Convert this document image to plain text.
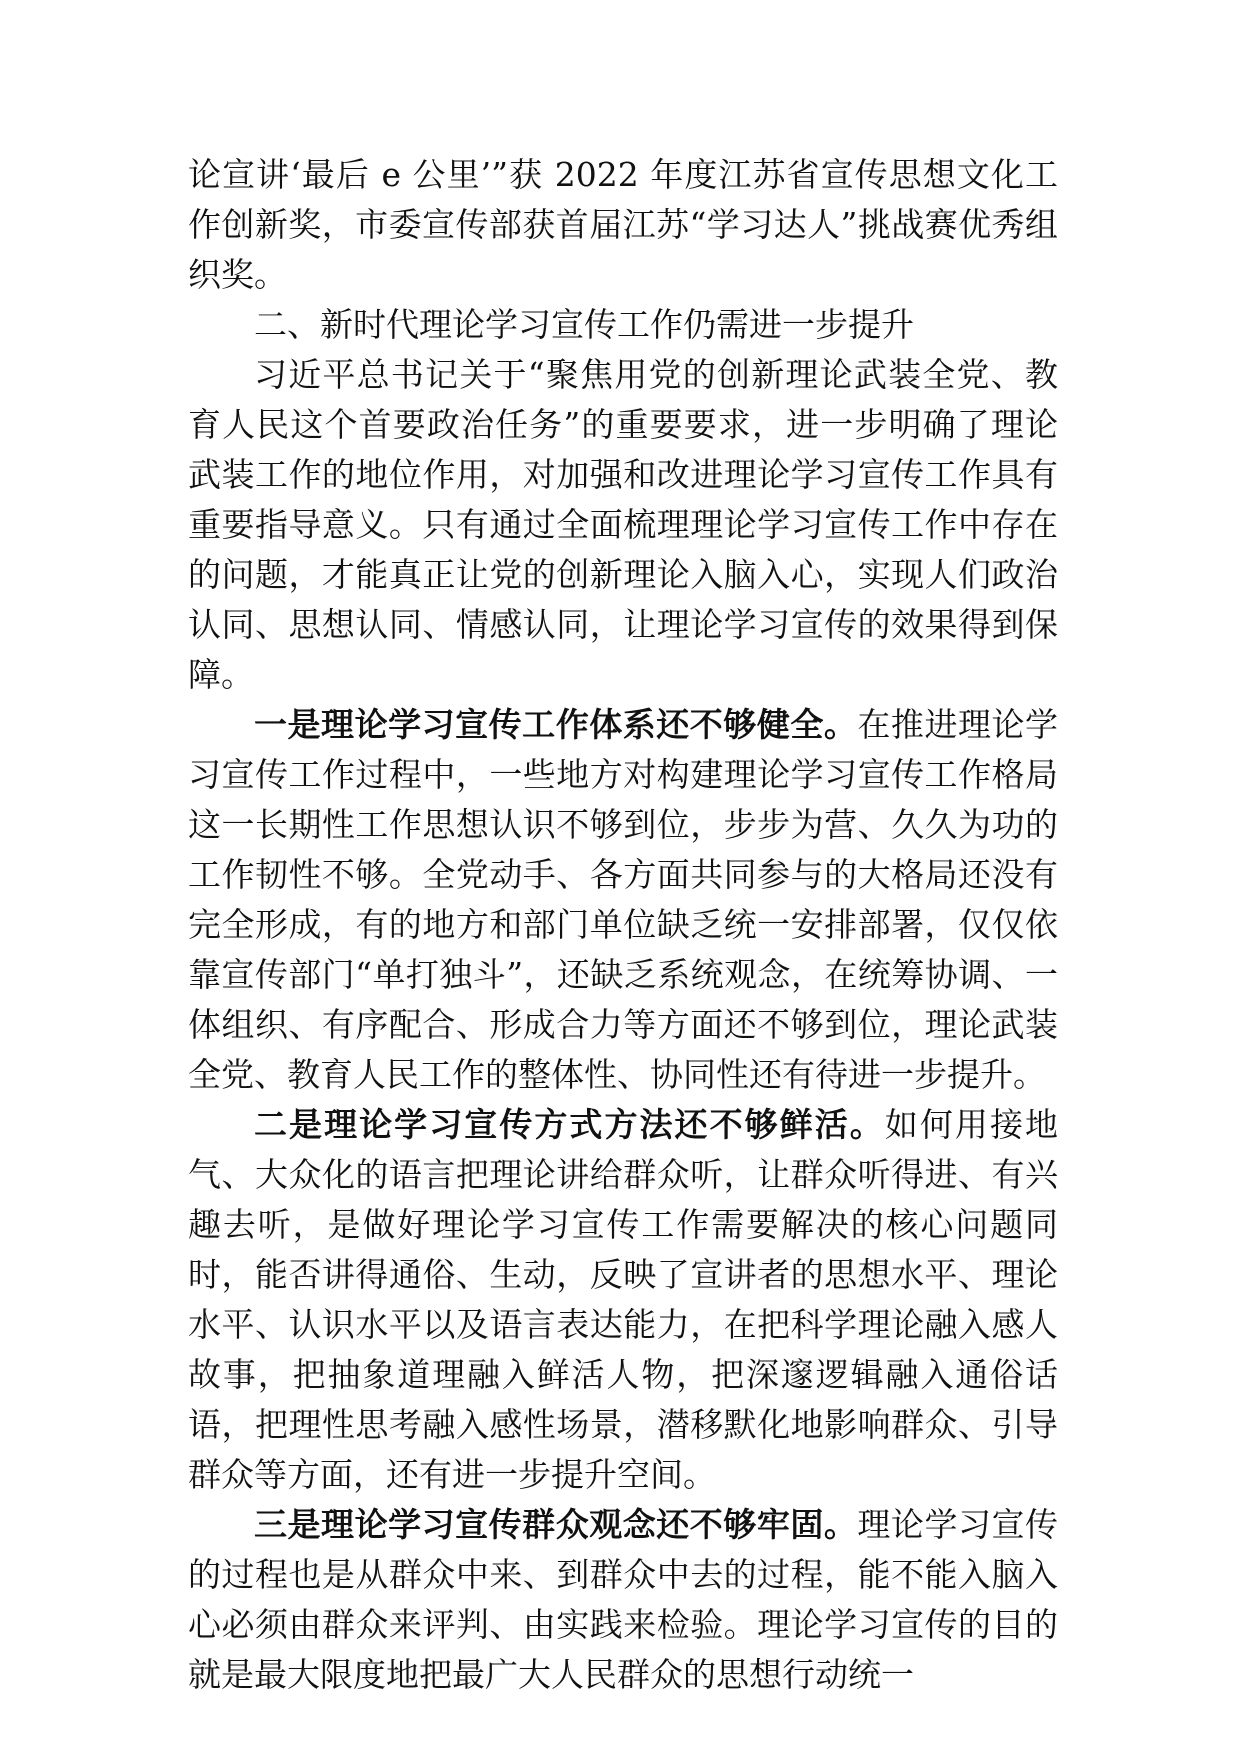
论宣讲‘最后 e 公里’”获 2022 年度江苏省宣传思想文化工作创新奖，市委宣传部获首届江苏“学习达人”挑战赛优秀组织奖。

二、新时代理论学习宣传工作仍需进一步提升

习近平总书记关于“聚焦用党的创新理论武装全党、教育人民这个首要政治任务”的重要要求，进一步明确了理论武装工作的地位作用，对加强和改进理论学习宣传工作具有重要指导意义。只有通过全面梳理理论学习宣传工作中存在的问题，才能真正让党的创新理论入脑入心，实现人们政治认同、思想认同、情感认同，让理论学习宣传的效果得到保障。

一是理论学习宣传工作体系还不够健全。在推进理论学习宣传工作过程中，一些地方对构建理论学习宣传工作格局这一长期性工作思想认识不够到位，步步为营、久久为功的工作韧性不够。全党动手、各方面共同参与的大格局还没有完全形成，有的地方和部门单位缺乏统一安排部署，仅仅依靠宣传部门“单打独斗”，还缺乏系统观念，在统筹协调、一体组织、有序配合、形成合力等方面还不够到位，理论武装全党、教育人民工作的整体性、协同性还有待进一步提升。

二是理论学习宣传方式方法还不够鲜活。如何用接地气、大众化的语言把理论讲给群众听，让群众听得进、有兴趣去听，是做好理论学习宣传工作需要解决的核心问题同时，能否讲得通俗、生动，反映了宣讲者的思想水平、理论水平、认识水平以及语言表达能力，在把科学理论融入感人故事，把抽象道理融入鲜活人物，把深邃逻辑融入通俗话语，把理性思考融入感性场景，潜移默化地影响群众、引导群众等方面，还有进一步提升空间。

三是理论学习宣传群众观念还不够牢固。理论学习宣传的过程也是从群众中来、到群众中去的过程，能不能入脑入心必须由群众来评判、由实践来检验。理论学习宣传的目的就是最大限度地把最广大人民群众的思想行动统一
